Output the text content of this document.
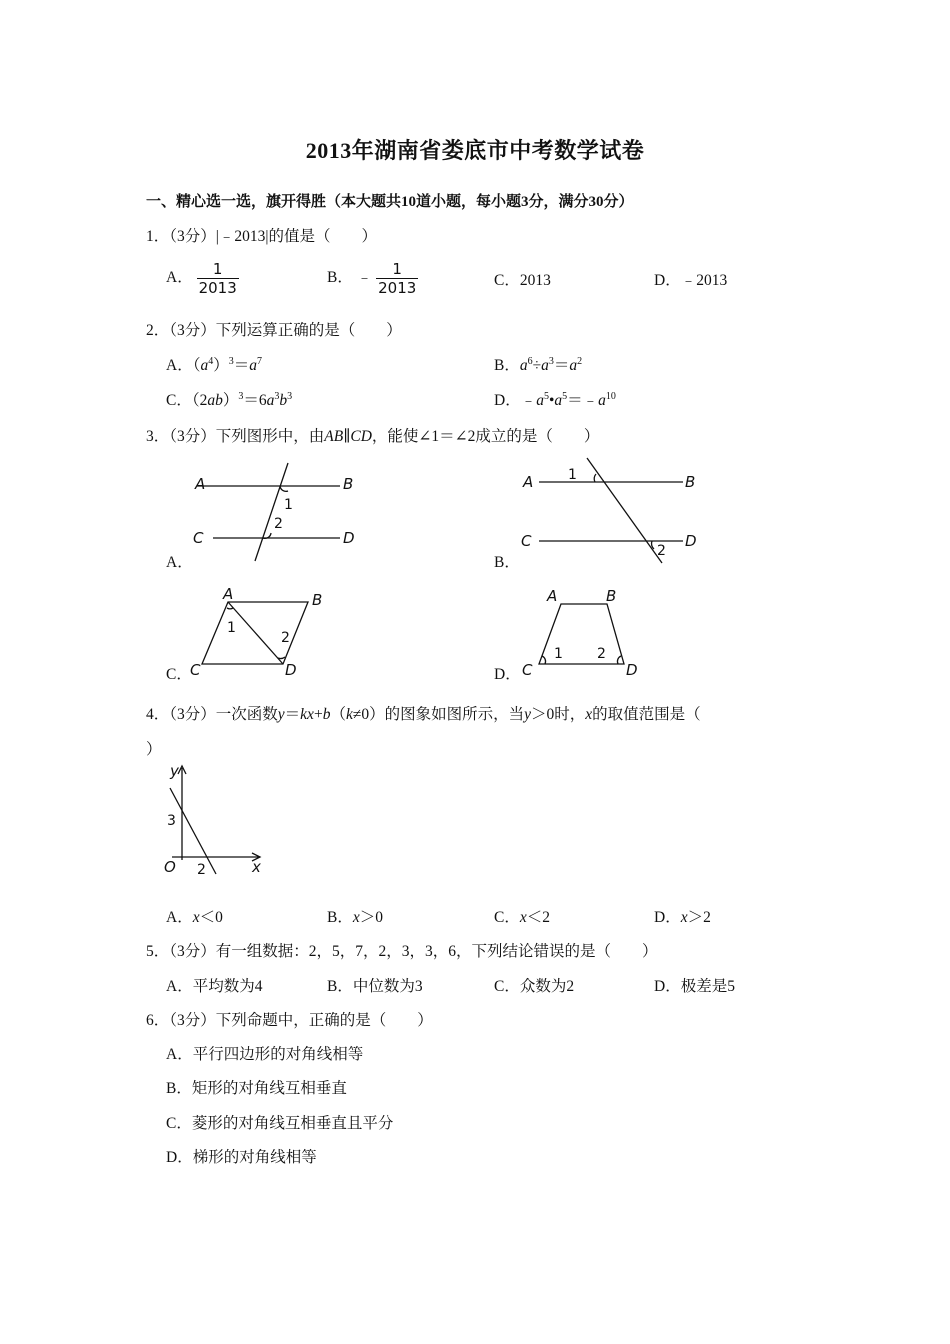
2013年湖南省娄底市中考数学试卷
一、精心选一选，旗开得胜（本大题共10道小题，每小题3分，满分30分）
1．（3分）|﹣2013|的值是（　　）
A． $\frac{1}{2013}$	B． ﹣ $\frac{1}{2013}$	C．2013	D．﹣2013
2．（3分）下列运算正确的是（　　）
A．$(a^4)^3=a^7$	B．$a^6\div a^3=a^2$
C．$(2ab)^3=6a^3b^3$	D．$﹣a^5•a^5=﹣a^{10}$
3．（3分）下列图形中，由AB∥CD，能使∠1＝∠2成立的是（　　）
A	B
C	D
1
2
A．
A	B
C	D
1
2
B．
A	B
C	D
1
2
C．
A	B
C	D
1 2
D．
4．（3分）一次函数y＝kx+b（k≠0）的图象如图所示，当y＞0时，x的取值范围是（
）
y
x
O
3
2
A．x＜0	B．x＞0	C．x＜2	D．x＞2
5．（3分）有一组数据：2，5，7，2，3，3，6，下列结论错误的是（　　）
A．平均数为4	B．中位数为3	C．众数为2	D．极差是5
6．（3分）下列命题中，正确的是（　　）
A．平行四边形的对角线相等
B．矩形的对角线互相垂直
C．菱形的对角线互相垂直且平分
D．梯形的对角线相等
